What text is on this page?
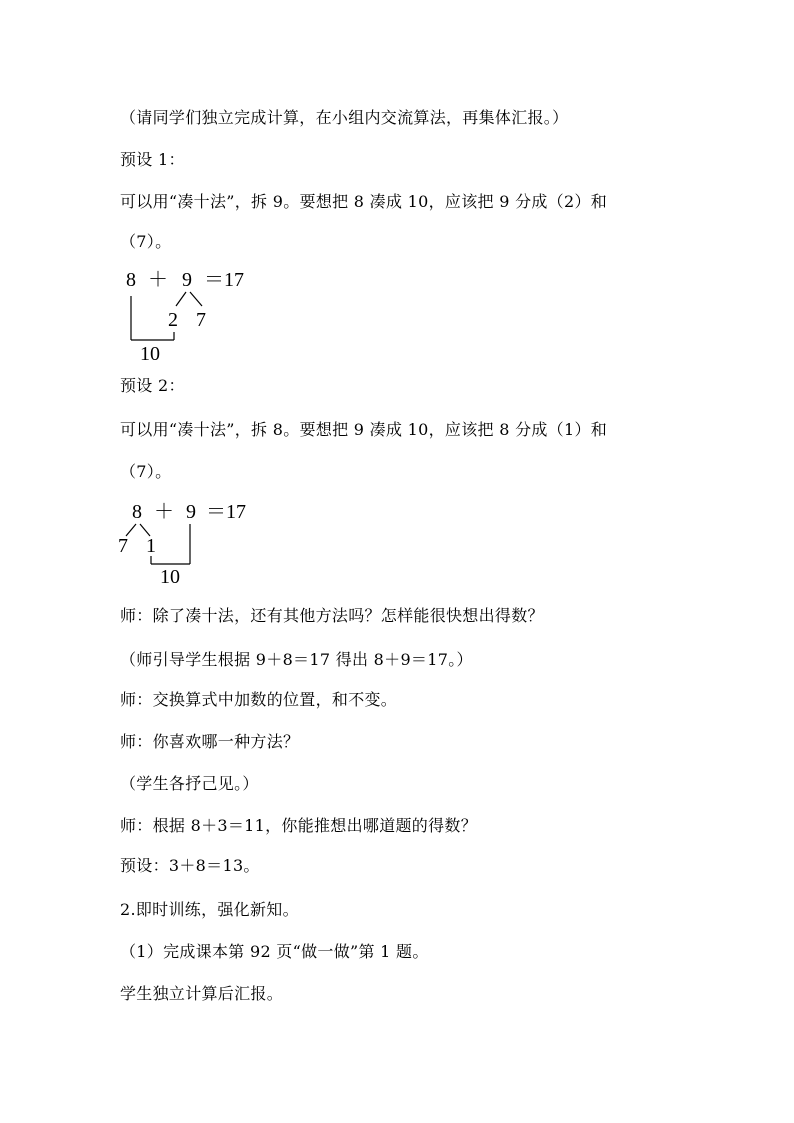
（请同学们独立完成计算，在小组内交流算法，再集体汇报。）
预设 1：
可以用“凑十法”，拆 9。要想把 8 凑成 10，应该把 9 分成（2）和
（7）。
8 ＋ 9 ＝17
2 7
10
预设 2：
可以用“凑十法”，拆 8。要想把 9 凑成 10，应该把 8 分成（1）和
（7）。
8 ＋ 9 ＝17
7 1
10
师：除了凑十法，还有其他方法吗？怎样能很快想出得数？
（师引导学生根据 9＋8＝17 得出 8＋9＝17。）
师：交换算式中加数的位置，和不变。
师：你喜欢哪一种方法？
（学生各抒己见。）
师：根据 8＋3＝11，你能推想出哪道题的得数？
预设：3＋8＝13。
2.即时训练，强化新知。
（1）完成课本第 92 页“做一做”第 1 题。
学生独立计算后汇报。
